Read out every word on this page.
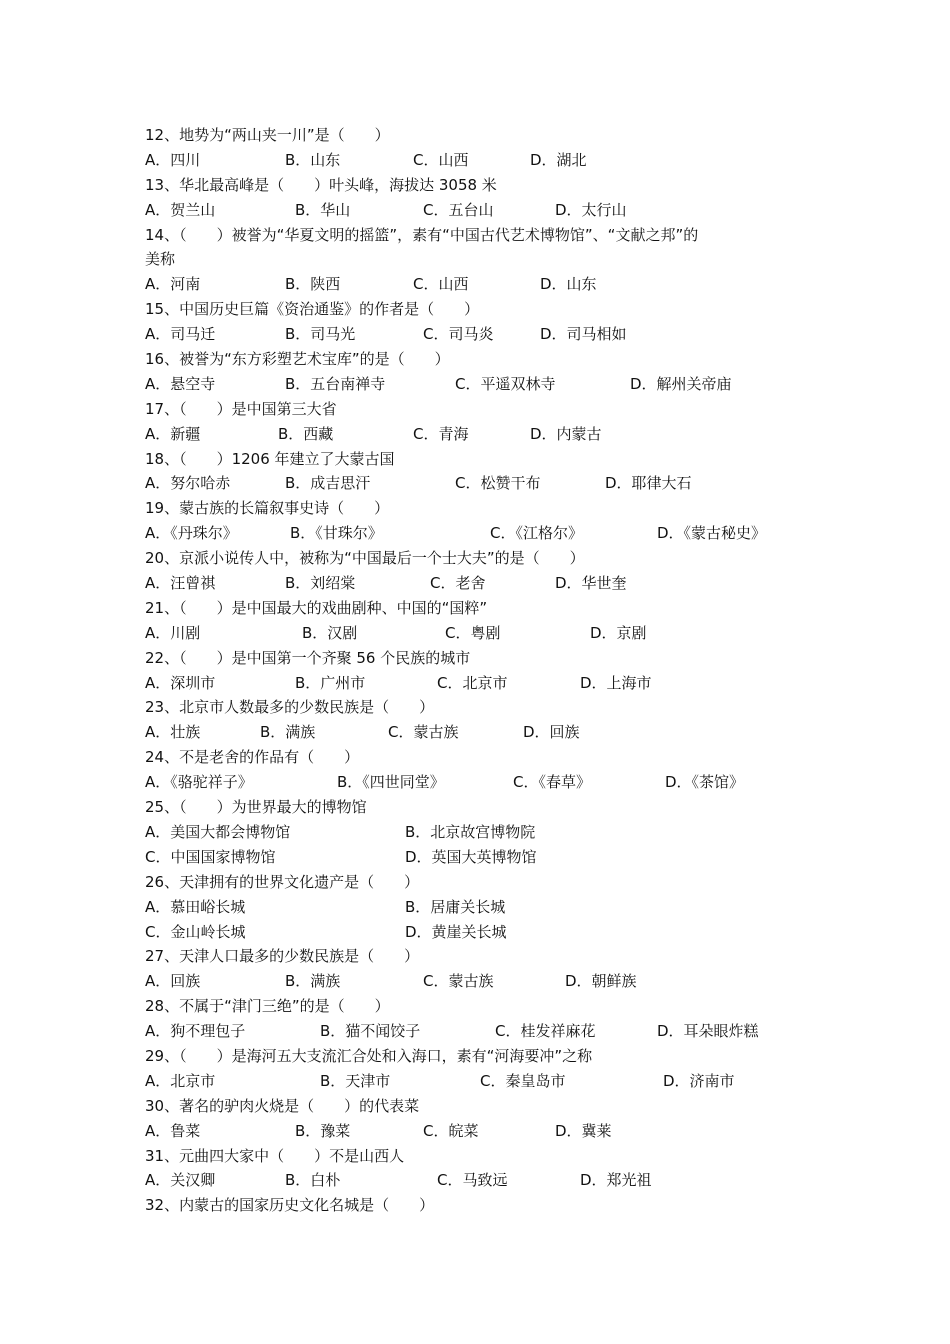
12、地势为“两山夹一川”是（　　）
A．四川	B．山东	C．山西	D．湖北
13、华北最高峰是（　　）叶头峰，海拔达 3058 米
A．贺兰山	B．华山	C．五台山	D．太行山
14、（　　）被誉为“华夏文明的摇篮”，素有“中国古代艺术博物馆”、“文献之邦”的
美称
A．河南	B．陕西	C．山西	D．山东
15、中国历史巨篇《资治通鉴》的作者是（　　）
A．司马迁	B．司马光	C．司马炎	D．司马相如
16、被誉为“东方彩塑艺术宝库”的是（　　）
A．悬空寺	B．五台南禅寺	C．平遥双林寺	D．解州关帝庙
17、（　　）是中国第三大省
A．新疆	B．西藏	C．青海	D．内蒙古
18、（　　）1206 年建立了大蒙古国
A．努尔哈赤	B．成吉思汗	C．松赞干布	D．耶律大石
19、蒙古族的长篇叙事史诗（　　）
A．《丹珠尔》	B．《甘珠尔》	C．《江格尔》	D．《蒙古秘史》
20、京派小说传人中，被称为“中国最后一个士大夫”的是（　　）
A．汪曾祺	B．刘绍棠	C．老舍	D．华世奎
21、（　　）是中国最大的戏曲剧种、中国的“国粹”
A．川剧	B．汉剧	C．粤剧	D．京剧
22、（　　）是中国第一个齐聚 56 个民族的城市
A．深圳市	B．广州市	C．北京市	D．上海市
23、北京市人数最多的少数民族是（　　）
A．壮族	B．满族	C．蒙古族	D．回族
24、不是老舍的作品有（　　）
A．《骆驼祥子》	B．《四世同堂》	C．《春草》	D．《茶馆》
25、（　　）为世界最大的博物馆
A．美国大都会博物馆	B．北京故宫博物院
C．中国国家博物馆	D．英国大英博物馆
26、天津拥有的世界文化遗产是（　　）
A．慕田峪长城	B．居庸关长城
C．金山岭长城	D．黄崖关长城
27、天津人口最多的少数民族是（　　）
A．回族	B．满族	C．蒙古族	D．朝鲜族
28、不属于“津门三绝”的是（　　）
A．狗不理包子	B．猫不闻饺子	C．桂发祥麻花	D．耳朵眼炸糕
29、（　　）是海河五大支流汇合处和入海口，素有“河海要冲”之称
A．北京市	B．天津市	C．秦皇岛市	D．济南市
30、著名的驴肉火烧是（　　）的代表菜
A．鲁菜	B．豫菜	C．皖菜	D．冀莱
31、元曲四大家中（　　）不是山西人
A．关汉卿	B．白朴	C．马致远	D．郑光祖
32、内蒙古的国家历史文化名城是（　　）
